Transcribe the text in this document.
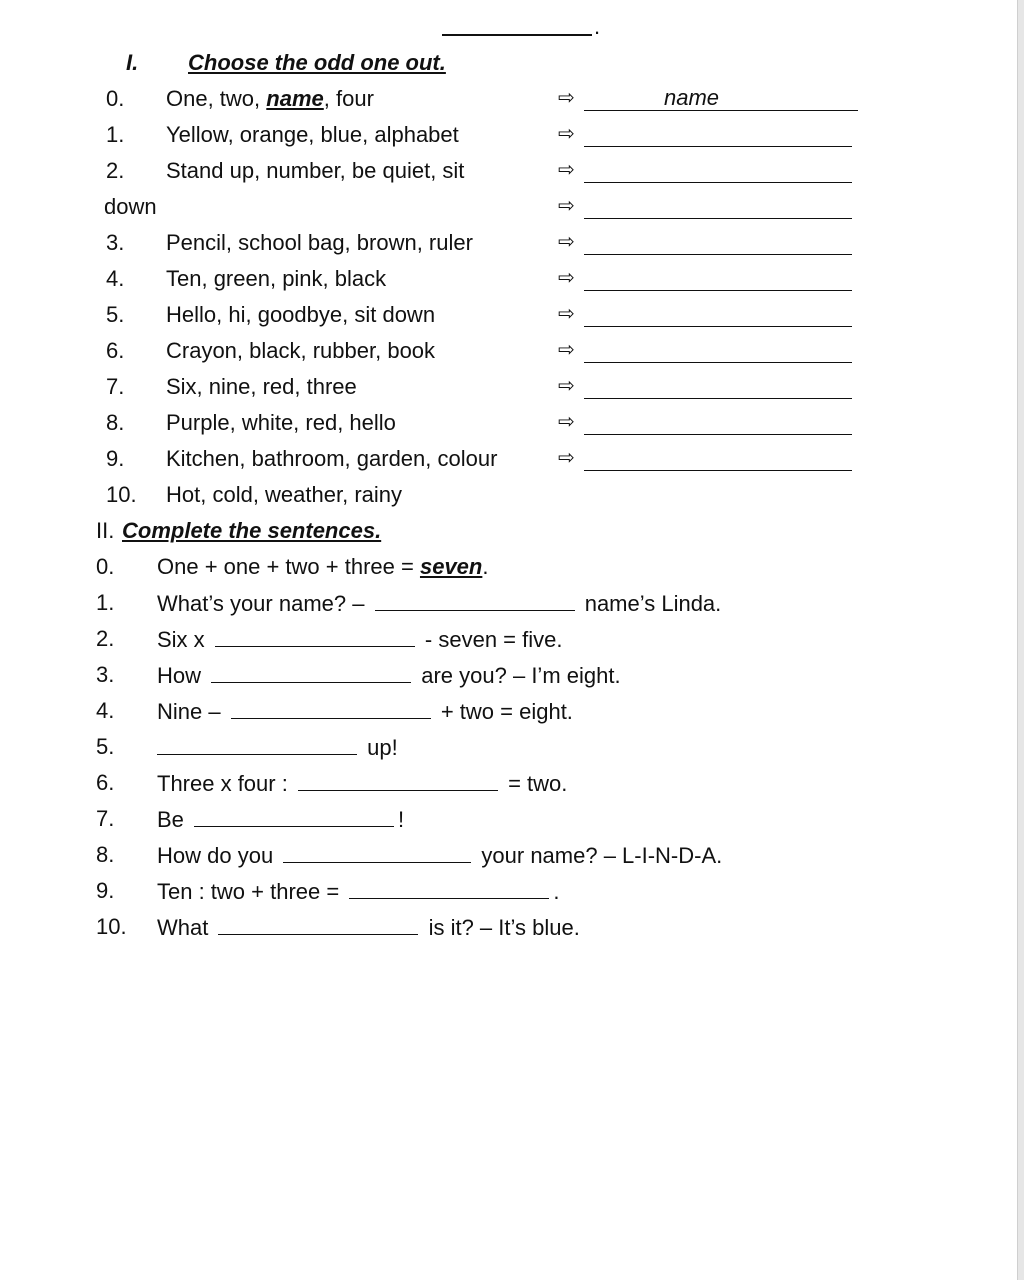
.
I. Choose the odd one out.
0. One, two, name, four	⇨	name
1. Yellow, orange, blue, alphabet	⇨
2. Stand up, number, be quiet, sit	⇨
down	⇨
3. Pencil, school bag, brown, ruler	⇨
4. Ten, green, pink, black	⇨
5. Hello, hi, goodbye, sit down	⇨
6. Crayon, black, rubber, book	⇨
7. Six, nine, red, three	⇨
8. Purple, white, red, hello	⇨
9. Kitchen, bathroom, garden, colour	⇨
10. Hot, cold, weather, rainy
II. Complete the sentences.
0. One + one + two + three = seven.
1. What’s your name? –	name’s Linda.
2. Six x	- seven = five.
3. How	are you? – I’m eight.
4. Nine –	+ two = eight.
5.	up!
6. Three x four :	= two.
7. Be	!
8. How do you	your name? – L-I-N-D-A.
9. Ten : two + three =	.
10. What	is it? – It’s blue.
